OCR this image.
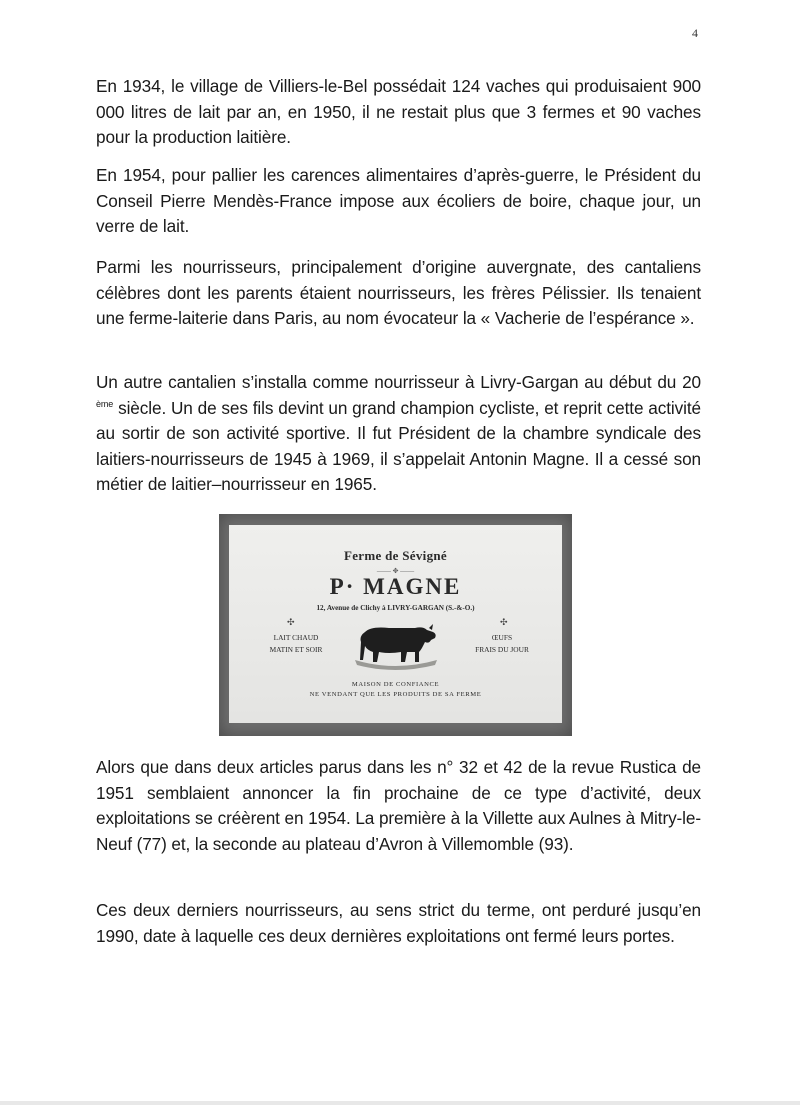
4

En 1934, le village de Villiers-le-Bel possédait 124 vaches qui produisaient 900 000 litres de lait par an, en 1950, il ne restait plus que 3 fermes et 90 vaches pour la production laitière.

En 1954, pour pallier les carences alimentaires d’après-guerre, le Président du Conseil Pierre Mendès-France impose aux écoliers de boire, chaque jour, un verre de lait.

Parmi les nourrisseurs, principalement d’origine auvergnate, des cantaliens célèbres dont les parents étaient nourrisseurs, les frères Pélissier. Ils tenaient une ferme-laiterie dans Paris, au nom évocateur la « Vacherie de l’espérance ».

Un autre cantalien s’installa comme nourrisseur à Livry-Gargan au début du 20 $^{ème}$ siècle. Un de ses fils devint un grand champion cycliste, et reprit cette activité au sortir de son activité sportive. Il fut Président de la chambre syndicale des laitiers-nourrisseurs de 1945 à 1969, il s’appelait Antonin Magne. Il a cessé son métier de laitier–nourrisseur en 1965.

Ferme de Sévigné
—— ✥ ——
P· MAGNE
12, Avenue de Clichy à LIVRY-GARGAN (S.-&-O.)
✣	✣
LAIT CHAUD
MATIN ET SOIR
ŒUFS
FRAIS DU JOUR
MAISON DE CONFIANCE
NE VENDANT QUE LES PRODUITS DE SA FERME

Alors que dans deux articles parus dans les n° 32 et 42 de la revue Rustica de 1951 semblaient annoncer la fin prochaine de ce type d’activité, deux exploitations se créèrent en 1954. La première à la Villette aux Aulnes à Mitry-le-Neuf (77) et, la seconde au plateau d’Avron à Villemomble (93).

Ces deux derniers nourrisseurs, au sens strict du terme, ont perduré jusqu’en 1990, date à laquelle ces deux dernières exploitations ont fermé leurs portes.
